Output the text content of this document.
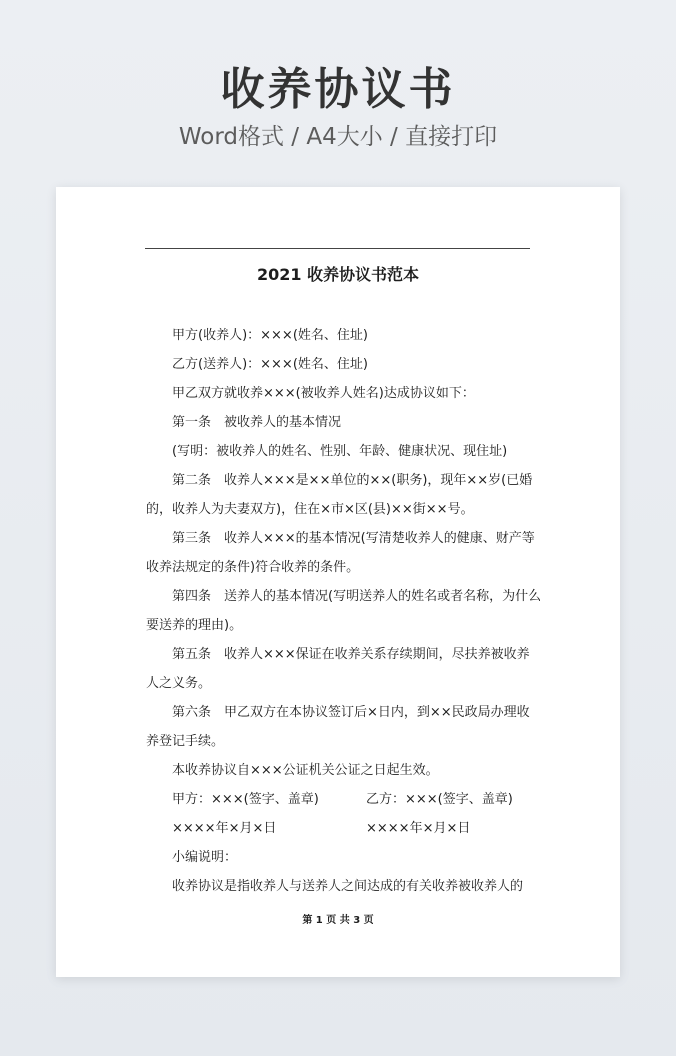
收养协议书
Word格式 / A4大小 / 直接打印
2021 收养协议书范本

甲方(收养人)：×××(姓名、住址)

乙方(送养人)：×××(姓名、住址)

甲乙双方就收养×××(被收养人姓名)达成协议如下：

第一条　被收养人的基本情况

(写明：被收养人的姓名、性别、年龄、健康状况、现住址)

第二条　收养人×××是××单位的××(职务)，现年××岁(已婚的，收养人为夫妻双方)，住在×市×区(县)××街××号。

第三条　收养人×××的基本情况(写清楚收养人的健康、财产等收养法规定的条件)符合收养的条件。

第四条　送养人的基本情况(写明送养人的姓名或者名称，为什么要送养的理由)。

第五条　收养人×××保证在收养关系存续期间，尽扶养被收养人之义务。

第六条　甲乙双方在本协议签订后×日内，到××民政局办理收养登记手续。

本收养协议自×××公证机关公证之日起生效。

甲方：×××(签字、盖章)	乙方：×××(签字、盖章)
××××年×月×日	××××年×月×日

小编说明：

收养协议是指收养人与送养人之间达成的有关收养被收养人的

第 1 页 共 3 页
